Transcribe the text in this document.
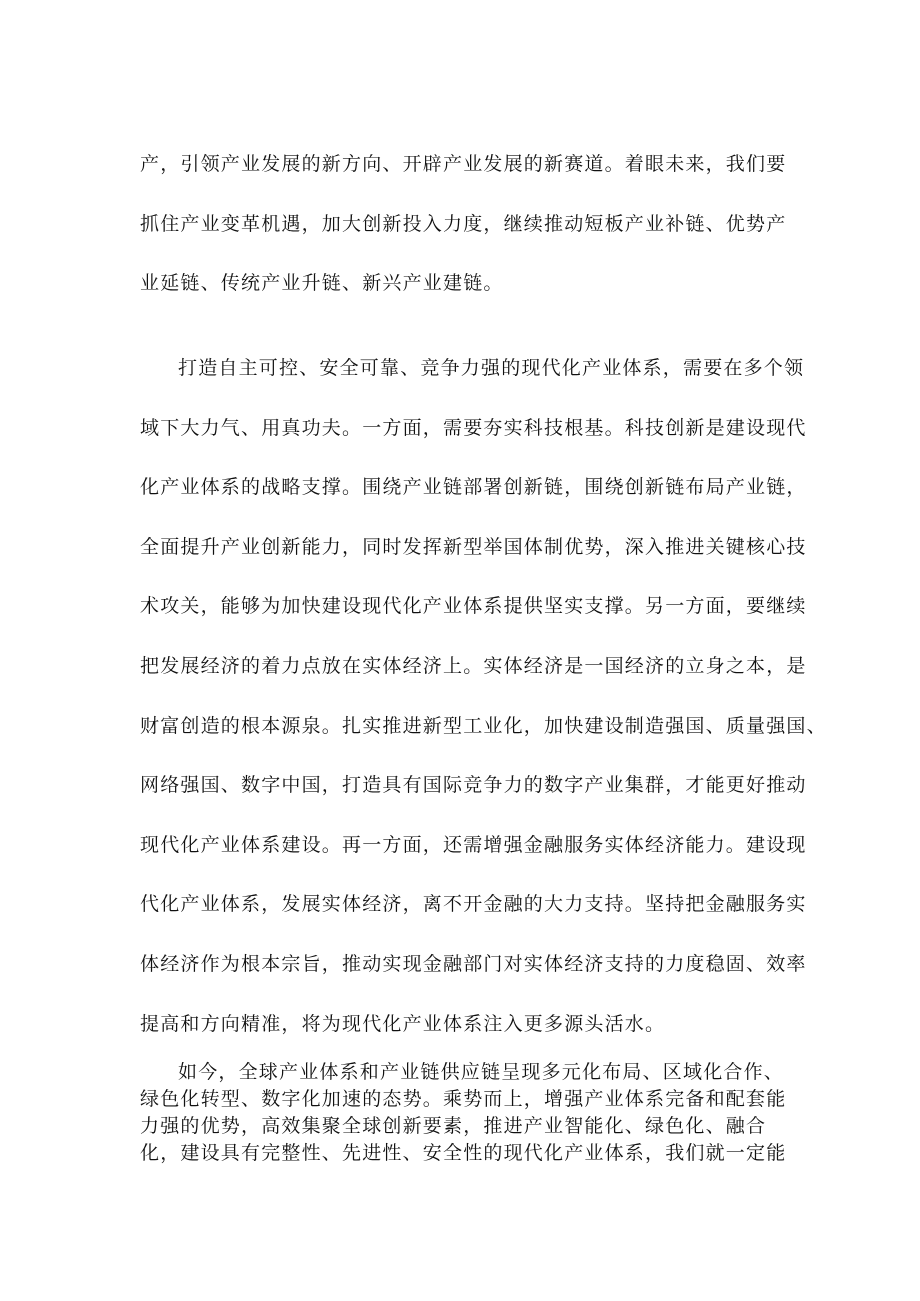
产，引领产业发展的新方向、开辟产业发展的新赛道。着眼未来，我们要
抓住产业变革机遇，加大创新投入力度，继续推动短板产业补链、优势产
业延链、传统产业升链、新兴产业建链。
打造自主可控、安全可靠、竞争力强的现代化产业体系，需要在多个领
域下大力气、用真功夫。一方面，需要夯实科技根基。科技创新是建设现代
化产业体系的战略支撑。围绕产业链部署创新链，围绕创新链布局产业链，
全面提升产业创新能力，同时发挥新型举国体制优势，深入推进关键核心技
术攻关，能够为加快建设现代化产业体系提供坚实支撑。另一方面，要继续
把发展经济的着力点放在实体经济上。实体经济是一国经济的立身之本，是
财富创造的根本源泉。扎实推进新型工业化，加快建设制造强国、质量强国、
网络强国、数字中国，打造具有国际竞争力的数字产业集群，才能更好推动
现代化产业体系建设。再一方面，还需增强金融服务实体经济能力。建设现
代化产业体系，发展实体经济，离不开金融的大力支持。坚持把金融服务实
体经济作为根本宗旨，推动实现金融部门对实体经济支持的力度稳固、效率
提高和方向精准，将为现代化产业体系注入更多源头活水。
如今，全球产业体系和产业链供应链呈现多元化布局、区域化合作、
绿色化转型、数字化加速的态势。乘势而上，增强产业体系完备和配套能
力强的优势，高效集聚全球创新要素，推进产业智能化、绿色化、融合
化，建设具有完整性、先进性、安全性的现代化产业体系，我们就一定能
